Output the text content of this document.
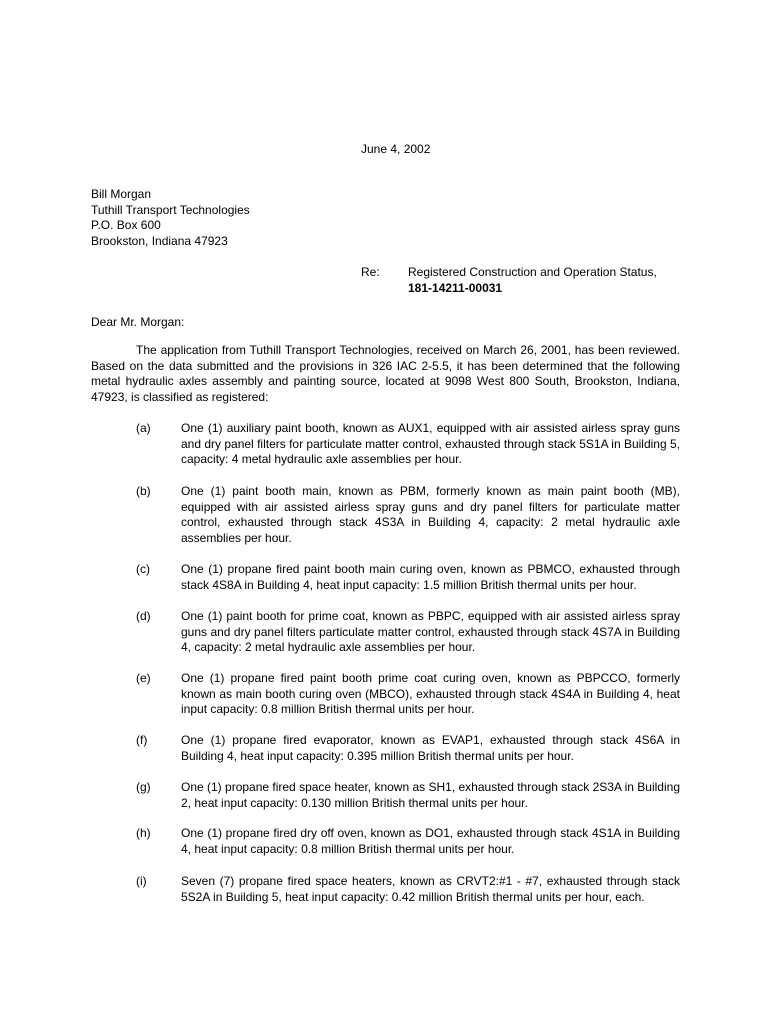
June 4, 2002
Bill Morgan
Tuthill Transport Technologies
P.O. Box 600
Brookston, Indiana 47923
Re: Registered Construction and Operation Status,
181-14211-00031
Dear Mr. Morgan:

The application from Tuthill Transport Technologies, received on March 26, 2001, has been reviewed. Based on the data submitted and the provisions in 326 IAC 2-5.5, it has been determined that the following metal hydraulic axles assembly and painting source, located at 9098 West 800 South, Brookston, Indiana, 47923, is classified as registered:

(a)	One (1) auxiliary paint booth, known as AUX1, equipped with air assisted airless spray guns and dry panel filters for particulate matter control, exhausted through stack 5S1A in Building 5, capacity: 4 metal hydraulic axle assemblies per hour.

(b)	One (1) paint booth main, known as PBM, formerly known as main paint booth (MB), equipped with air assisted airless spray guns and dry panel filters for particulate matter control, exhausted through stack 4S3A in Building 4, capacity: 2 metal hydraulic axle assemblies per hour.

(c)	One (1) propane fired paint booth main curing oven, known as PBMCO, exhausted through stack 4S8A in Building 4, heat input capacity: 1.5 million British thermal units per hour.

(d)	One (1) paint booth for prime coat, known as PBPC, equipped with air assisted airless spray guns and dry panel filters particulate matter control, exhausted through stack 4S7A in Building 4, capacity: 2 metal hydraulic axle assemblies per hour.

(e)	One (1) propane fired paint booth prime coat curing oven, known as PBPCCO, formerly known as main booth curing oven (MBCO), exhausted through stack 4S4A in Building 4, heat input capacity: 0.8 million British thermal units per hour.

(f)	One (1) propane fired evaporator, known as EVAP1, exhausted through stack 4S6A in Building 4, heat input capacity: 0.395 million British thermal units per hour.

(g)	One (1) propane fired space heater, known as SH1, exhausted through stack 2S3A in Building 2, heat input capacity: 0.130 million British thermal units per hour.

(h)	One (1) propane fired dry off oven, known as DO1, exhausted through stack 4S1A in Building 4, heat input capacity: 0.8 million British thermal units per hour.

(i)	Seven (7) propane fired space heaters, known as CRVT2:#1 - #7, exhausted through stack 5S2A in Building 5, heat input capacity: 0.42 million British thermal units per hour, each.
